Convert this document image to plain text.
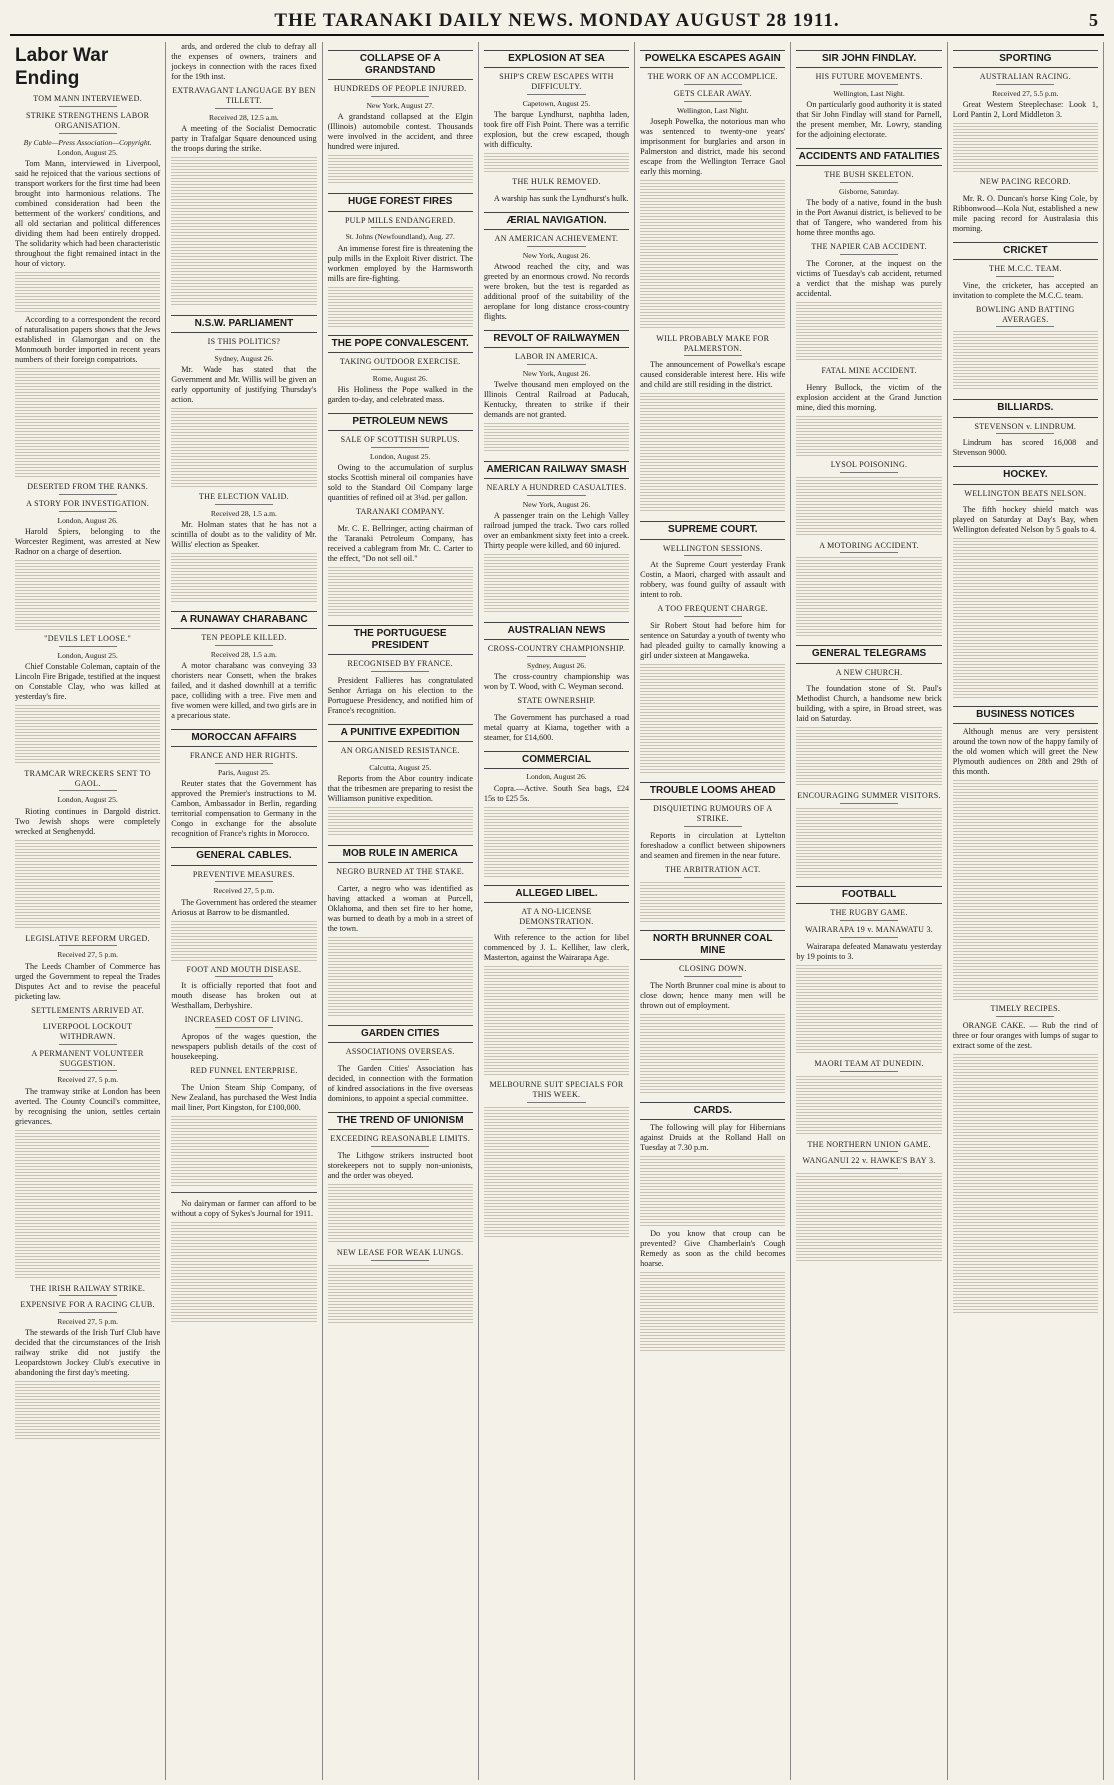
THE TARANAKI DAILY NEWS. MONDAY AUGUST 28 1911.	5
Labor War Ending
TOM MANN INTERVIEWED.
STRIKE STRENGTHENS LABOR ORGANISATION.
By Cable—Press Association—Copyright.
London, August 25.

Tom Mann, interviewed in Liverpool, said he rejoiced that the various sections of transport workers for the first time had been brought into harmonious relations. The combined consideration had been the betterment of the workers' conditions, and all old sectarian and political differences dividing them had been entirely dropped. The solidarity which had been characteristic throughout the fight remained intact in the hour of victory.

According to a correspondent the record of naturalisation papers shows that the Jews established in Glamorgan and on the Monmouth border imported in recent years numbers of their foreign compatriots.

DESERTED FROM THE RANKS.
A STORY FOR INVESTIGATION.
London, August 26.

Harold Spiers, belonging to the Worcester Regiment, was arrested at New Radnor on a charge of desertion.

"DEVILS LET LOOSE."
London, August 25.

Chief Constable Coleman, captain of the Lincoln Fire Brigade, testified at the inquest on Constable Clay, who was killed at yesterday's fire.

TRAMCAR WRECKERS SENT TO GAOL.
London, August 25.

Rioting continues in Dargold district. Two Jewish shops were completely wrecked at Senghenydd.

LEGISLATIVE REFORM URGED.
Received 27, 5 p.m.

The Leeds Chamber of Commerce has urged the Government to repeal the Trades Disputes Act and to revise the peaceful picketing law.

SETTLEMENTS ARRIVED AT.
LIVERPOOL LOCKOUT WITHDRAWN.
A PERMANENT VOLUNTEER SUGGESTION.
Received 27, 5 p.m.

The tramway strike at London has been averted. The County Council's committee, by recognising the union, settles certain grievances.

THE IRISH RAILWAY STRIKE.
EXPENSIVE FOR A RACING CLUB.
Received 27, 5 p.m.

The stewards of the Irish Turf Club have decided that the circumstances of the Irish railway strike did not justify the Leopardstown Jockey Club's executive in abandoning the first day's meeting.

ards, and ordered the club to defray all the expenses of owners, trainers and jockeys in connection with the races fixed for the 19th inst.

EXTRAVAGANT LANGUAGE BY BEN TILLETT.
Received 28, 12.5 a.m.

A meeting of the Socialist Democratic party in Trafalgar Square denounced using the troops during the strike.

N.S.W. PARLIAMENT
IS THIS POLITICS?
Sydney, August 26.

Mr. Wade has stated that the Government and Mr. Willis will be given an early opportunity of justifying Thursday's action.

THE ELECTION VALID.
Received 28, 1.5 a.m.

Mr. Holman states that he has not a scintilla of doubt as to the validity of Mr. Willis' election as Speaker.

A RUNAWAY CHARABANC
TEN PEOPLE KILLED.
Received 28, 1.5 a.m.

A motor charabanc was conveying 33 choristers near Consett, when the brakes failed, and it dashed downhill at a terrific pace, colliding with a tree. Five men and five women were killed, and two girls are in a precarious state.

MOROCCAN AFFAIRS
FRANCE AND HER RIGHTS.
Paris, August 25.

Reuter states that the Government has approved the Premier's instructions to M. Cambon, Ambassador in Berlin, regarding territorial compensation to Germany in the Congo in exchange for the absolute recognition of France's rights in Morocco.

GENERAL CABLES.
PREVENTIVE MEASURES.
Received 27, 5 p.m.

The Government has ordered the steamer Ariosus at Barrow to be dismantled.

FOOT AND MOUTH DISEASE.

It is officially reported that foot and mouth disease has broken out at Westhallam, Derbyshire.

INCREASED COST OF LIVING.

Apropos of the wages question, the newspapers publish details of the cost of housekeeping.

RED FUNNEL ENTERPRISE.

The Union Steam Ship Company, of New Zealand, has purchased the West India mail liner, Port Kingston, for £100,000.

No dairyman or farmer can afford to be without a copy of Sykes's Journal for 1911.

COLLAPSE OF A GRANDSTAND
HUNDREDS OF PEOPLE INJURED.
New York, August 27.

A grandstand collapsed at the Elgin (Illinois) automobile contest. Thousands were involved in the accident, and three hundred were injured.

HUGE FOREST FIRES
PULP MILLS ENDANGERED.
St. Johns (Newfoundland), Aug. 27.

An immense forest fire is threatening the pulp mills in the Exploit River district. The workmen employed by the Harmsworth mills are fire-fighting.

THE POPE CONVALESCENT.
TAKING OUTDOOR EXERCISE.
Rome, August 26.

His Holiness the Pope walked in the garden to-day, and celebrated mass.

PETROLEUM NEWS
SALE OF SCOTTISH SURPLUS.
London, August 25.

Owing to the accumulation of surplus stocks Scottish mineral oil companies have sold to the Standard Oil Company large quantities of refined oil at 3¼d. per gallon.

TARANAKI COMPANY.

Mr. C. E. Bellringer, acting chairman of the Taranaki Petroleum Company, has received a cablegram from Mr. C. Carter to the effect, "Do not sell oil."

THE PORTUGUESE PRESIDENT
RECOGNISED BY FRANCE.

President Fallieres has congratulated Senhor Arriaga on his election to the Portuguese Presidency, and notified him of France's recognition.

A PUNITIVE EXPEDITION
AN ORGANISED RESISTANCE.
Calcutta, August 25.

Reports from the Abor country indicate that the tribesmen are preparing to resist the Williamson punitive expedition.

MOB RULE IN AMERICA
NEGRO BURNED AT THE STAKE.

Carter, a negro who was identified as having attacked a woman at Purcell, Oklahoma, and then set fire to her home, was burned to death by a mob in a street of the town.

GARDEN CITIES
ASSOCIATIONS OVERSEAS.

The Garden Cities' Association has decided, in connection with the formation of kindred associations in the five overseas dominions, to appoint a special committee.

THE TREND OF UNIONISM
EXCEEDING REASONABLE LIMITS.

The Lithgow strikers instructed boot storekeepers not to supply non-unionists, and the order was obeyed.

NEW LEASE FOR WEAK LUNGS.
EXPLOSION AT SEA
SHIP'S CREW ESCAPES WITH DIFFICULTY.
Capetown, August 25.

The barque Lyndhurst, naphtha laden, took fire off Fish Point. There was a terrific explosion, but the crew escaped, though with difficulty.

THE HULK REMOVED.

A warship has sunk the Lyndhurst's hulk.

ÆRIAL NAVIGATION.
AN AMERICAN ACHIEVEMENT.
New York, August 26.

Atwood reached the city, and was greeted by an enormous crowd. No records were broken, but the test is regarded as additional proof of the suitability of the aeroplane for long distance cross-country flights.

REVOLT OF RAILWAYMEN
LABOR IN AMERICA.
New York, August 26.

Twelve thousand men employed on the Illinois Central Railroad at Paducah, Kentucky, threaten to strike if their demands are not granted.

AMERICAN RAILWAY SMASH
NEARLY A HUNDRED CASUALTIES.
New York, August 26.

A passenger train on the Lehigh Valley railroad jumped the track. Two cars rolled over an embankment sixty feet into a creek. Thirty people were killed, and 60 injured.

AUSTRALIAN NEWS
CROSS-COUNTRY CHAMPIONSHIP.
Sydney, August 26.

The cross-country championship was won by T. Wood, with C. Weyman second.

STATE OWNERSHIP.

The Government has purchased a road metal quarry at Kiama, together with a steamer, for £14,600.

COMMERCIAL
London, August 26.

Copra.—Active. South Sea bags, £24 15s to £25 5s.

ALLEGED LIBEL.
AT A NO-LICENSE DEMONSTRATION.

With reference to the action for libel commenced by J. L. Kelliher, law clerk, Masterton, against the Wairarapa Age.

MELBOURNE SUIT SPECIALS FOR THIS WEEK.
POWELKA ESCAPES AGAIN
THE WORK OF AN ACCOMPLICE.
GETS CLEAR AWAY.
Wellington, Last Night.

Joseph Powelka, the notorious man who was sentenced to twenty-one years' imprisonment for burglaries and arson in Palmerston and district, made his second escape from the Wellington Terrace Gaol early this morning.

WILL PROBABLY MAKE FOR PALMERSTON.

The announcement of Powelka's escape caused considerable interest here. His wife and child are still residing in the district.

SUPREME COURT.
WELLINGTON SESSIONS.

At the Supreme Court yesterday Frank Costin, a Maori, charged with assault and robbery, was found guilty of assault with intent to rob.

A TOO FREQUENT CHARGE.

Sir Robert Stout had before him for sentence on Saturday a youth of twenty who had pleaded guilty to carnally knowing a girl under sixteen at Mangaweka.

TROUBLE LOOMS AHEAD
DISQUIETING RUMOURS OF A STRIKE.

Reports in circulation at Lyttelton foreshadow a conflict between shipowners and seamen and firemen in the near future.

THE ARBITRATION ACT.
NORTH BRUNNER COAL MINE
CLOSING DOWN.

The North Brunner coal mine is about to close down; hence many men will be thrown out of employment.

CARDS.

The following will play for Hibernians against Druids at the Rolland Hall on Tuesday at 7.30 p.m.

Do you know that croup can be prevented? Give Chamberlain's Cough Remedy as soon as the child becomes hoarse.

SIR JOHN FINDLAY.
HIS FUTURE MOVEMENTS.
Wellington, Last Night.

On particularly good authority it is stated that Sir John Findlay will stand for Parnell, the present member, Mr. Lowry, standing for the adjoining electorate.

ACCIDENTS AND FATALITIES
THE BUSH SKELETON.
Gisborne, Saturday.

The body of a native, found in the bush in the Port Awanui district, is believed to be that of Tangere, who wandered from his home three months ago.

THE NAPIER CAB ACCIDENT.

The Coroner, at the inquest on the victims of Tuesday's cab accident, returned a verdict that the mishap was purely accidental.

FATAL MINE ACCIDENT.

Henry Bullock, the victim of the explosion accident at the Grand Junction mine, died this morning.

LYSOL POISONING.
A MOTORING ACCIDENT.
GENERAL TELEGRAMS
A NEW CHURCH.

The foundation stone of St. Paul's Methodist Church, a handsome new brick building, with a spire, in Broad street, was laid on Saturday.

ENCOURAGING SUMMER VISITORS.
FOOTBALL
THE RUGBY GAME.
WAIRARAPA 19 v. MANAWATU 3.

Wairarapa defeated Manawatu yesterday by 19 points to 3.

MAORI TEAM AT DUNEDIN.
THE NORTHERN UNION GAME.
WANGANUI 22 v. HAWKE'S BAY 3.
SPORTING
AUSTRALIAN RACING.
Received 27, 5.5 p.m.

Great Western Steeplechase: Look 1, Lord Pantin 2, Lord Middleton 3.

NEW PACING RECORD.

Mr. R. O. Duncan's horse King Cole, by Ribbonwood—Kola Nut, established a new mile pacing record for Australasia this morning.

CRICKET
THE M.C.C. TEAM.

Vine, the cricketer, has accepted an invitation to complete the M.C.C. team.

BOWLING AND BATTING AVERAGES.
BILLIARDS.
STEVENSON v. LINDRUM.

Lindrum has scored 16,008 and Stevenson 9000.

HOCKEY.
WELLINGTON BEATS NELSON.

The fifth hockey shield match was played on Saturday at Day's Bay, when Wellington defeated Nelson by 5 goals to 4.

BUSINESS NOTICES

Although menus are very persistent around the town now of the happy family of the old women which will greet the New Plymouth audiences on 28th and 29th of this month.

TIMELY RECIPES.

ORANGE CAKE. — Rub the rind of three or four oranges with lumps of sugar to extract some of the zest.
